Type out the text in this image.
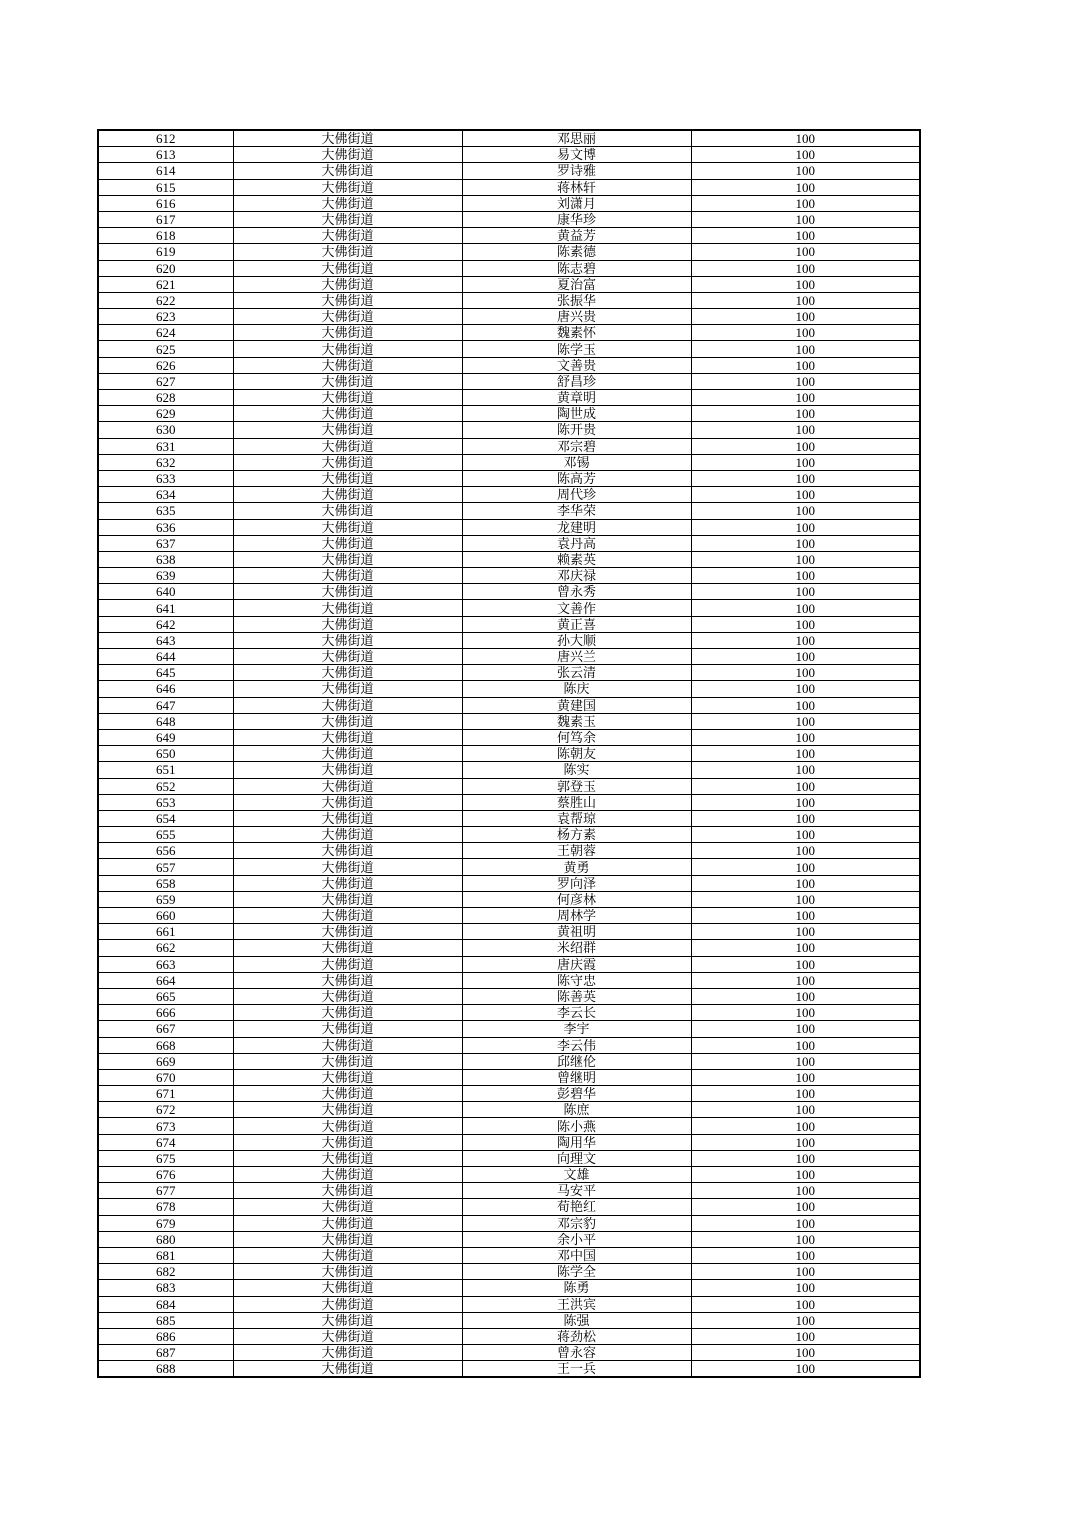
612	大佛街道	邓思丽	100
613	大佛街道	易文博	100
614	大佛街道	罗诗雅	100
615	大佛街道	蒋林轩	100
616	大佛街道	刘潇月	100
617	大佛街道	康华珍	100
618	大佛街道	黄益芳	100
619	大佛街道	陈素德	100
620	大佛街道	陈志碧	100
621	大佛街道	夏治富	100
622	大佛街道	张振华	100
623	大佛街道	唐兴贵	100
624	大佛街道	魏素怀	100
625	大佛街道	陈学玉	100
626	大佛街道	文善贵	100
627	大佛街道	舒昌珍	100
628	大佛街道	黄章明	100
629	大佛街道	陶世成	100
630	大佛街道	陈开贵	100
631	大佛街道	邓宗碧	100
632	大佛街道	邓锡	100
633	大佛街道	陈高芳	100
634	大佛街道	周代珍	100
635	大佛街道	李华荣	100
636	大佛街道	龙建明	100
637	大佛街道	袁丹高	100
638	大佛街道	赖素英	100
639	大佛街道	邓庆禄	100
640	大佛街道	曾永秀	100
641	大佛街道	文善作	100
642	大佛街道	黄正喜	100
643	大佛街道	孙大顺	100
644	大佛街道	唐兴兰	100
645	大佛街道	张云清	100
646	大佛街道	陈庆	100
647	大佛街道	黄建国	100
648	大佛街道	魏素玉	100
649	大佛街道	何笃余	100
650	大佛街道	陈朝友	100
651	大佛街道	陈实	100
652	大佛街道	郭登玉	100
653	大佛街道	蔡胜山	100
654	大佛街道	袁帮琼	100
655	大佛街道	杨方素	100
656	大佛街道	王朝蓉	100
657	大佛街道	黄勇	100
658	大佛街道	罗向泽	100
659	大佛街道	何彦林	100
660	大佛街道	周林学	100
661	大佛街道	黄祖明	100
662	大佛街道	米绍群	100
663	大佛街道	唐庆霞	100
664	大佛街道	陈守忠	100
665	大佛街道	陈善英	100
666	大佛街道	李云长	100
667	大佛街道	李宇	100
668	大佛街道	李云伟	100
669	大佛街道	邱继伦	100
670	大佛街道	曾继明	100
671	大佛街道	彭碧华	100
672	大佛街道	陈庶	100
673	大佛街道	陈小燕	100
674	大佛街道	陶用华	100
675	大佛街道	向理文	100
676	大佛街道	文雄	100
677	大佛街道	马安平	100
678	大佛街道	荀艳红	100
679	大佛街道	邓宗豹	100
680	大佛街道	余小平	100
681	大佛街道	邓中国	100
682	大佛街道	陈学全	100
683	大佛街道	陈勇	100
684	大佛街道	王洪宾	100
685	大佛街道	陈强	100
686	大佛街道	蒋劲松	100
687	大佛街道	曾永容	100
688	大佛街道	王一兵	100
